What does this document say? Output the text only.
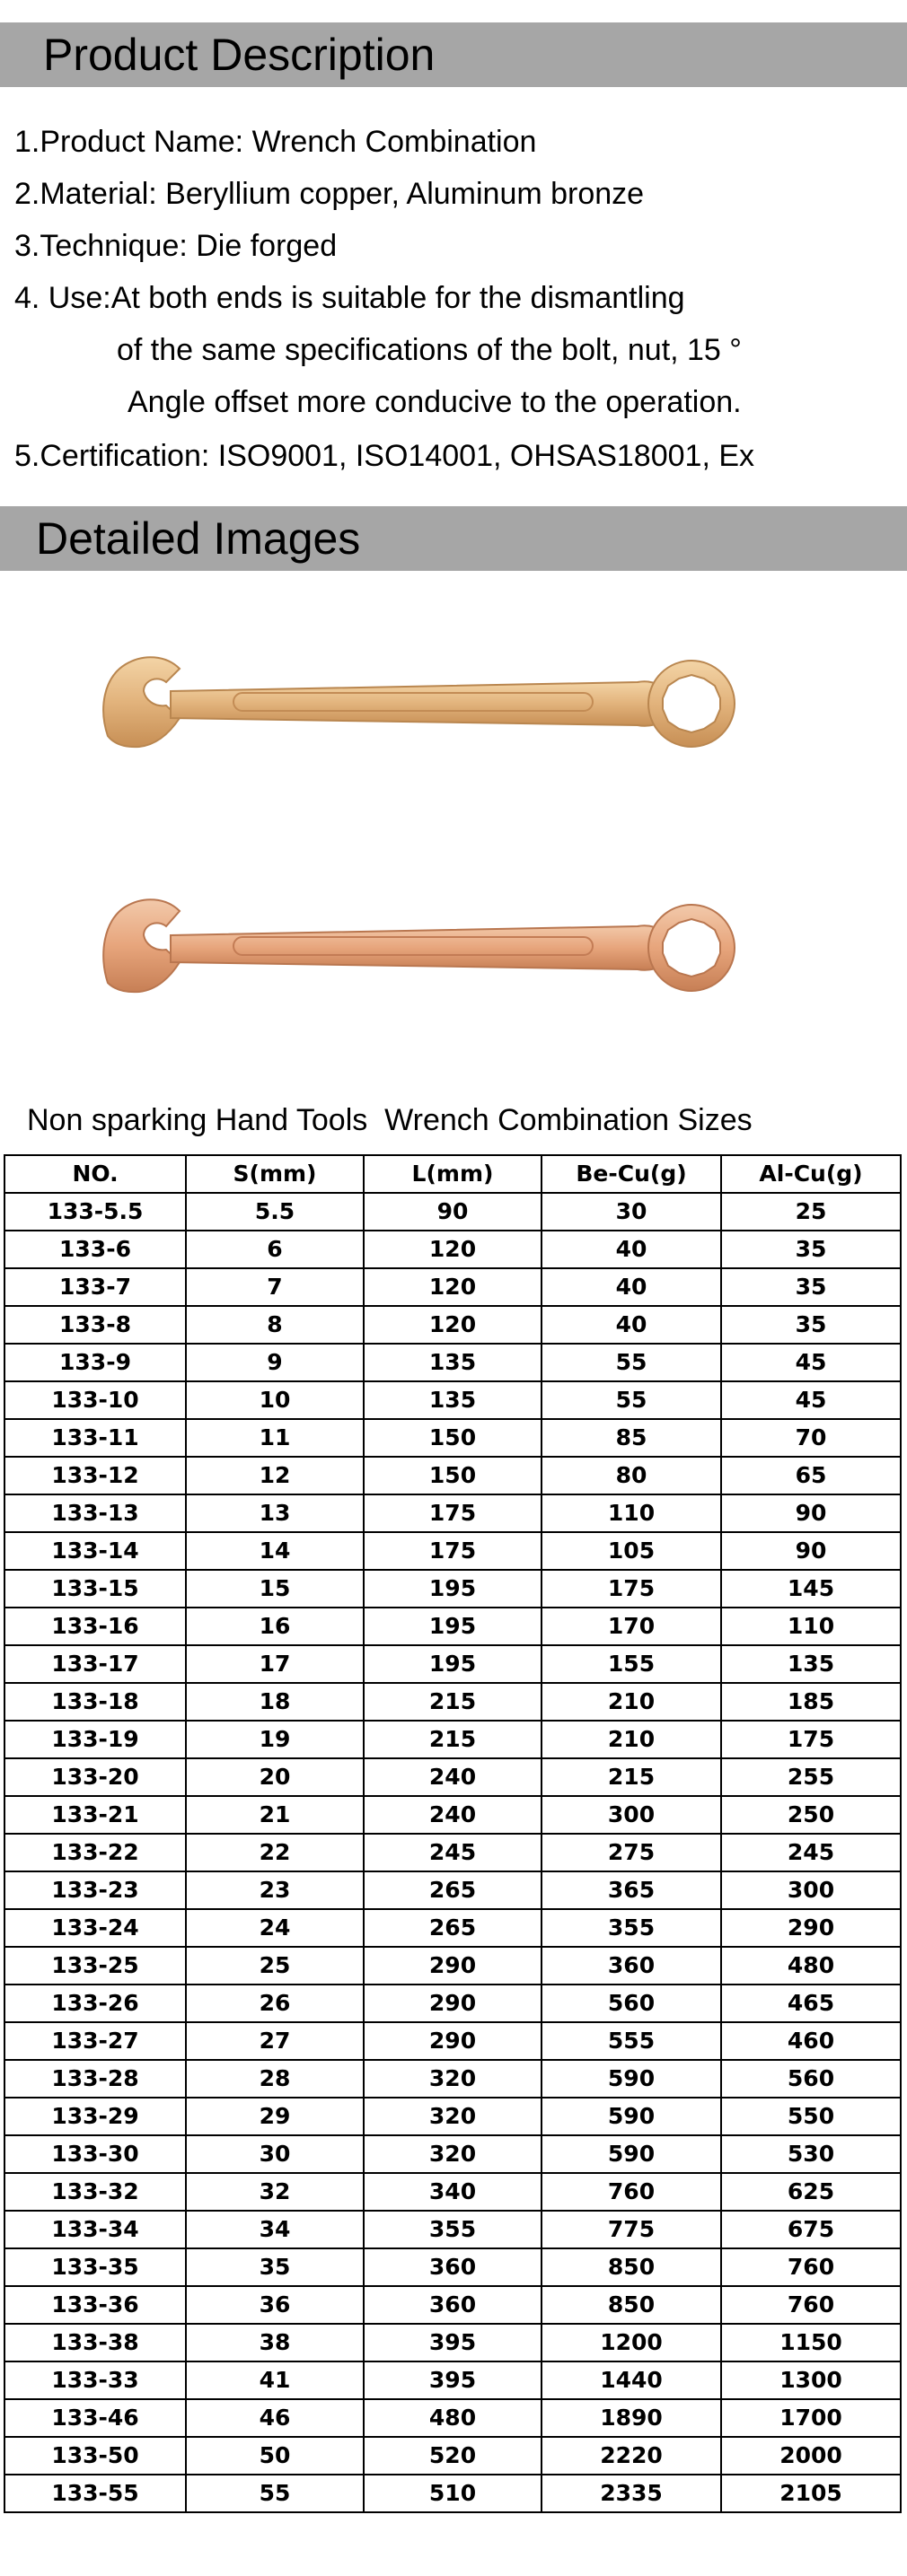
Product Description
1.Product Name: Wrench Combination
2.Material: Beryllium copper, Aluminum bronze
3.Technique: Die forged
4. Use:At both ends is suitable for the dismantling
of the same specifications of the bolt, nut, 15 °
Angle offset more conducive to the operation.
5.Certification: ISO9001, ISO14001, OHSAS18001, Ex
Detailed Images
Non sparking Hand Tools  Wrench Combination Sizes
NO.	S(mm)	L(mm)	Be-Cu(g)	Al-Cu(g)
133-5.5	5.5	90	30	25
133-6	6	120	40	35
133-7	7	120	40	35
133-8	8	120	40	35
133-9	9	135	55	45
133-10	10	135	55	45
133-11	11	150	85	70
133-12	12	150	80	65
133-13	13	175	110	90
133-14	14	175	105	90
133-15	15	195	175	145
133-16	16	195	170	110
133-17	17	195	155	135
133-18	18	215	210	185
133-19	19	215	210	175
133-20	20	240	215	255
133-21	21	240	300	250
133-22	22	245	275	245
133-23	23	265	365	300
133-24	24	265	355	290
133-25	25	290	360	480
133-26	26	290	560	465
133-27	27	290	555	460
133-28	28	320	590	560
133-29	29	320	590	550
133-30	30	320	590	530
133-32	32	340	760	625
133-34	34	355	775	675
133-35	35	360	850	760
133-36	36	360	850	760
133-38	38	395	1200	1150
133-33	41	395	1440	1300
133-46	46	480	1890	1700
133-50	50	520	2220	2000
133-55	55	510	2335	2105
